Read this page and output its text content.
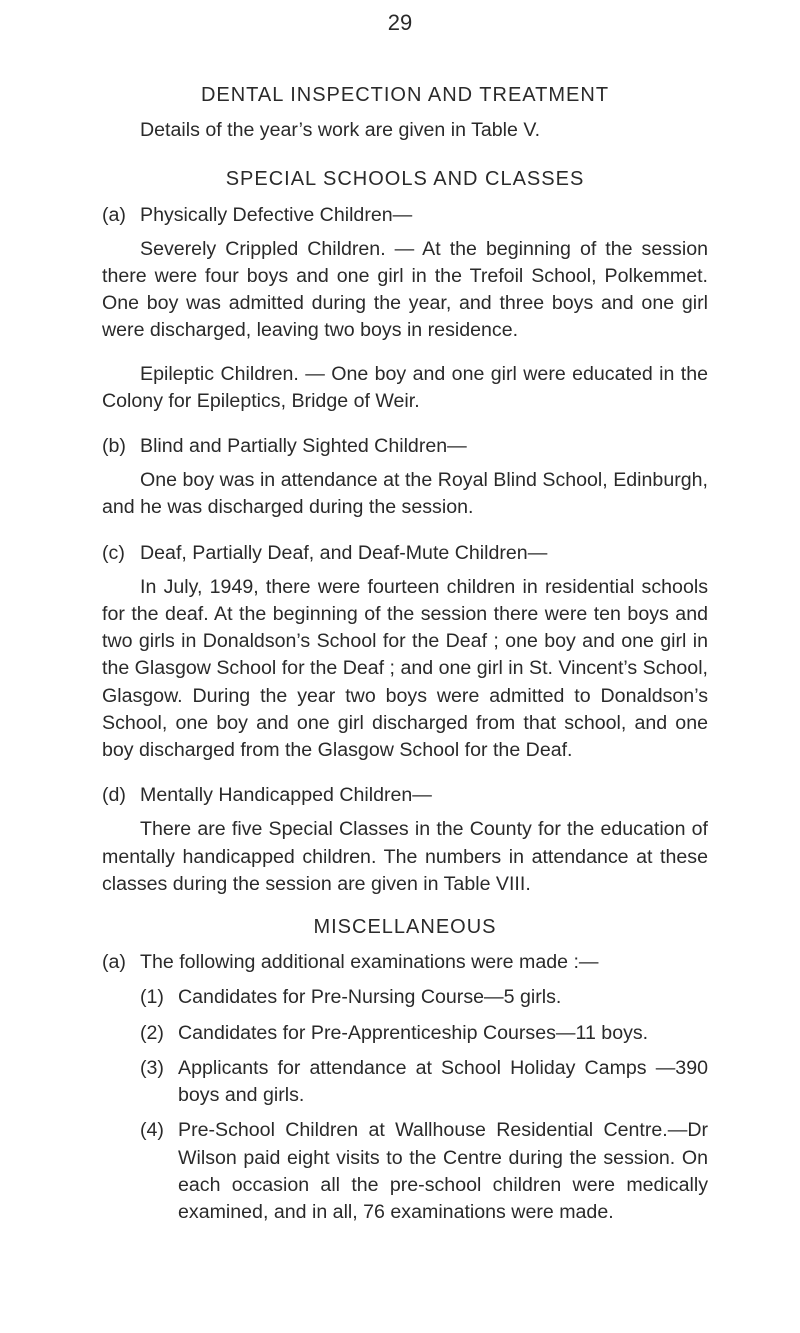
29

DENTAL INSPECTION AND TREATMENT

Details of the year’s work are given in Table V.

SPECIAL SCHOOLS AND CLASSES

(a) Physically Defective Children—

Severely Crippled Children. — At the beginning of the session there were four boys and one girl in the Trefoil School, Polkemmet. One boy was admitted during the year, and three boys and one girl were discharged, leaving two boys in residence.

Epileptic Children. — One boy and one girl were educated in the Colony for Epileptics, Bridge of Weir.

(b) Blind and Partially Sighted Children—

One boy was in attendance at the Royal Blind School, Edinburgh, and he was discharged during the session.

(c) Deaf, Partially Deaf, and Deaf-Mute Children—

In July, 1949, there were fourteen children in residential schools for the deaf. At the beginning of the session there were ten boys and two girls in Donaldson’s School for the Deaf ; one boy and one girl in the Glasgow School for the Deaf ; and one girl in St. Vincent’s School, Glasgow. During the year two boys were admitted to Donaldson’s School, one boy and one girl discharged from that school, and one boy discharged from the Glasgow School for the Deaf.

(d) Mentally Handicapped Children—

There are five Special Classes in the County for the education of mentally handicapped children. The numbers in attendance at these classes during the session are given in Table VIII.

MISCELLANEOUS

(a) The following additional examinations were made :—

(1) Candidates for Pre-Nursing Course—5 girls.
(2) Candidates for Pre-Apprenticeship Courses—11 boys.
(3) Applicants for attendance at School Holiday Camps —390 boys and girls.
(4) Pre-School Children at Wallhouse Residential Centre.—Dr Wilson paid eight visits to the Centre during the session. On each occasion all the pre-school children were medically examined, and in all, 76 examinations were made.
